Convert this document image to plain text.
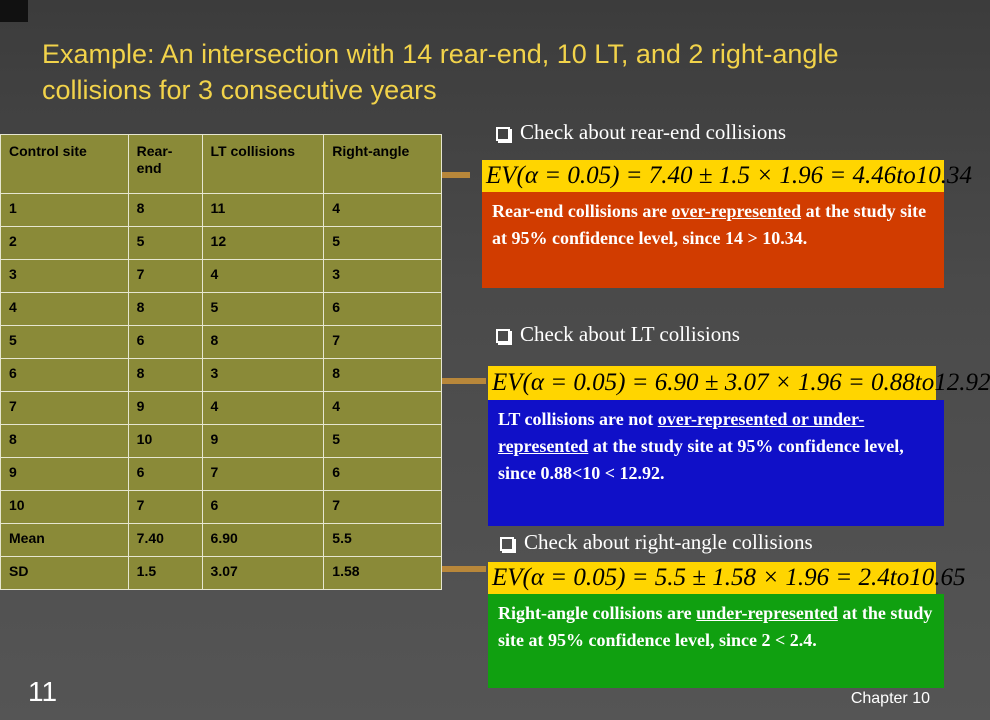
Example: An intersection with 14 rear-end, 10 LT, and 2 right-angle collisions for 3 consecutive years
Control site	Rear-end	LT collisions	Right-angle
1	8	11	4
2	5	12	5
3	7	4	3
4	8	5	6
5	6	8	7
6	8	3	8
7	9	4	4
8	10	9	5
9	6	7	6
10	7	6	7
Mean	7.40	6.90	5.5
SD	1.5	3.07	1.58
Check about rear-end collisions
EV(α = 0.05) = 7.40 ± 1.5 × 1.96 = 4.46to10.34
Rear-end collisions are over-represented at the study site at 95% confidence level, since 14 > 10.34.
Check about LT collisions
EV(α = 0.05) = 6.90 ± 3.07 × 1.96 = 0.88to12.92
LT collisions are not over-represented or under-represented at the study site at 95% confidence level, since 0.88<10 < 12.92.
Check about right-angle collisions
EV(α = 0.05) = 5.5 ± 1.58 × 1.96 = 2.4to10.65
Right-angle collisions are under-represented at the study site at 95% confidence level, since 2 < 2.4.
11	Chapter 10
